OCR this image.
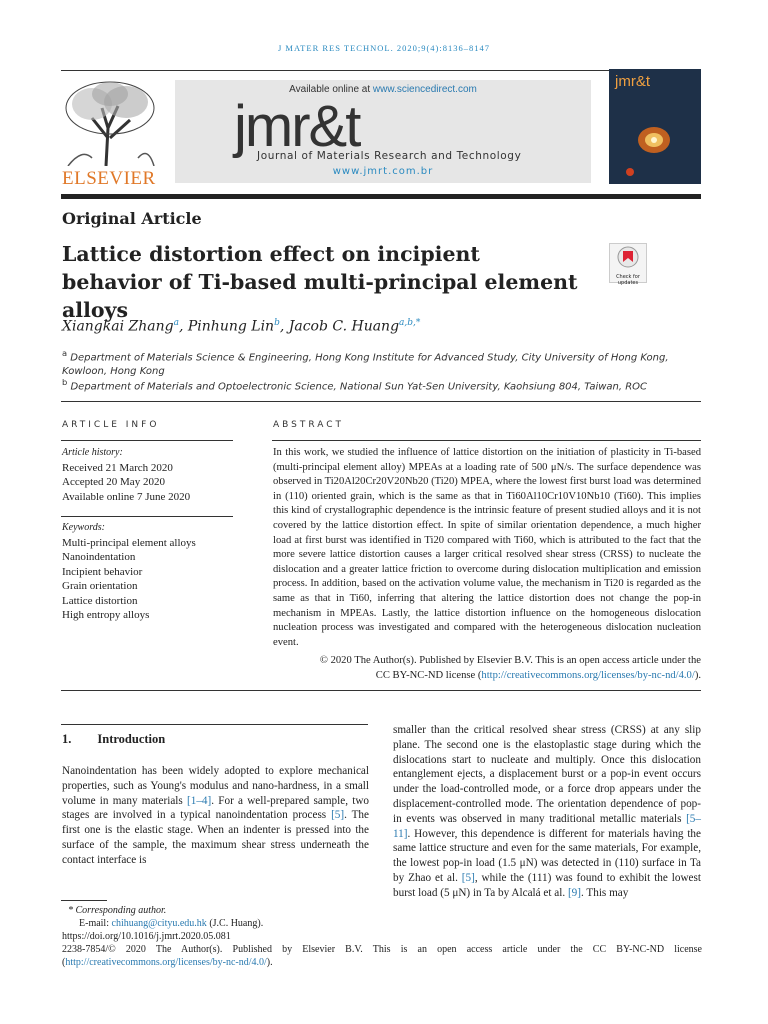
J MATER RES TECHNOL. 2020;9(4):8136–8147
ELSEVIER
Available online at www.sciencedirect.com
jmr&t
Journal of Materials Research and Technology
www.jmrt.com.br
jmr&t
Original Article
Lattice distortion effect on incipient behavior of Ti-based multi-principal element alloys
Check for updates
Xiangkai Zhang$^a$, Pinhung Lin$^b$, Jacob C. Huang$^{a,b,*}$
$^a$ Department of Materials Science & Engineering, Hong Kong Institute for Advanced Study, City University of Hong Kong, Kowloon, Hong Kong
$^b$ Department of Materials and Optoelectronic Science, National Sun Yat-Sen University, Kaohsiung 804, Taiwan, ROC
ARTICLE INFO
Article history:
Received 21 March 2020
Accepted 20 May 2020
Available online 7 June 2020
Keywords:
Multi-principal element alloys
Nanoindentation
Incipient behavior
Grain orientation
Lattice distortion
High entropy alloys
ABSTRACT
In this work, we studied the influence of lattice distortion on the initiation of plasticity in Ti-based (multi-principal element alloy) MPEAs at a loading rate of 500 μN/s. The surface dependence was observed in Ti20Al20Cr20V20Nb20 (Ti20) MPEA, where the lowest first burst load was determined in (110) oriented grain, which is the same as that in Ti60Al10Cr10V10Nb10 (Ti60). This implies this kind of crystallographic dependence is the intrinsic feature of present studied alloys and it is not covered by the lattice distortion effect. In spite of similar orientation dependence, a much higher load at first burst was identified in Ti20 compared with Ti60, which is attributed to the fact that the more severe lattice distortion causes a larger critical resolved shear stress (CRSS) to nucleate the dislocation and a greater lattice friction to overcome during dislocation multiplication and emission process. In addition, based on the activation volume value, the mechanism in Ti20 is regarded as the same as that in Ti60, inferring that altering the lattice distortion does not change the pop-in mechanism in MPEAs. Lastly, the lattice distortion influence on the homogeneous dislocation nucleation process was investigated and compared with the heterogeneous dislocation nucleation event.
© 2020 The Author(s). Published by Elsevier B.V. This is an open access article under the
CC BY-NC-ND license (http://creativecommons.org/licenses/by-nc-nd/4.0/).
1. Introduction
Nanoindentation has been widely adopted to explore mechanical properties, such as Young's modulus and nano-hardness, in a small volume in many materials [1–4]. For a well-prepared sample, two stages are involved in a typical nanoindentation process [5]. The first one is the elastic stage. When an indenter is pressed into the surface of the sample, the maximum shear stress underneath the contact interface is
smaller than the critical resolved shear stress (CRSS) at any slip plane. The second one is the elastoplastic stage during which the dislocations start to nucleate and multiply. Once this dislocation entanglement ejects, a displacement burst or a pop-in event occurs under the load-controlled mode, or a force drop appears under the displacement-controlled mode. The orientation dependence of pop-in events was observed in many traditional metallic materials [5–11]. However, this dependence is different for materials having the same lattice structure and even for the same materials, For example, the lowest pop-in load (1.5 μN) was detected in (110) surface in Ta by Zhao et al. [5], while the (111) was found to exhibit the lowest burst load (5 μN) in Ta by Alcalá et al. [9]. This may
* Corresponding author.
E-mail: chihuang@cityu.edu.hk (J.C. Huang).
https://doi.org/10.1016/j.jmrt.2020.05.081
2238-7854/© 2020 The Author(s). Published by Elsevier B.V. This is an open access article under the CC BY-NC-ND license (http://creativecommons.org/licenses/by-nc-nd/4.0/).
